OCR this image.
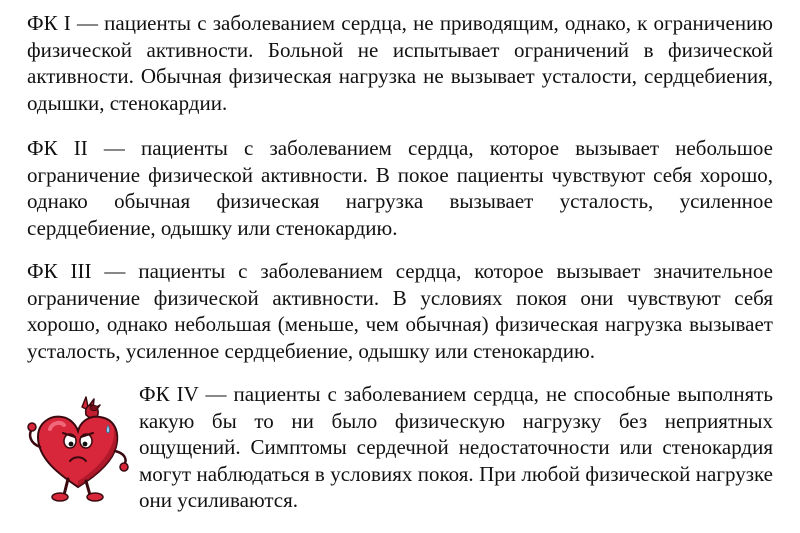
ФК I — пациенты с заболеванием сердца, не приводящим, однако, к ограничению физической активности. Больной не испытывает ограничений в физической активности. Обычная физическая нагрузка не вызывает усталости, сердцебиения, одышки, стенокардии.

ФК II — пациенты с заболеванием сердца, которое вызывает небольшое ограничение физической активности. В покое пациенты чувствуют себя хорошо, однако обычная физическая нагрузка вызывает усталость, усиленное сердцебиение, одышку или стенокардию.

ФК III — пациенты с заболеванием сердца, которое вызывает значительное ограничение физической активности. В условиях покоя они чувствуют себя хорошо, однако небольшая (меньше, чем обычная) физическая нагрузка вызывает усталость, усиленное сердцебиение, одышку или стенокардию.

ФК IV — пациенты с заболеванием сердца, не способные выполнять какую бы то ни было физическую нагрузку без неприятных ощущений. Симптомы сердечной недостаточности или стенокардия могут наблюдаться в условиях покоя. При любой физической нагрузке они усиливаются.
